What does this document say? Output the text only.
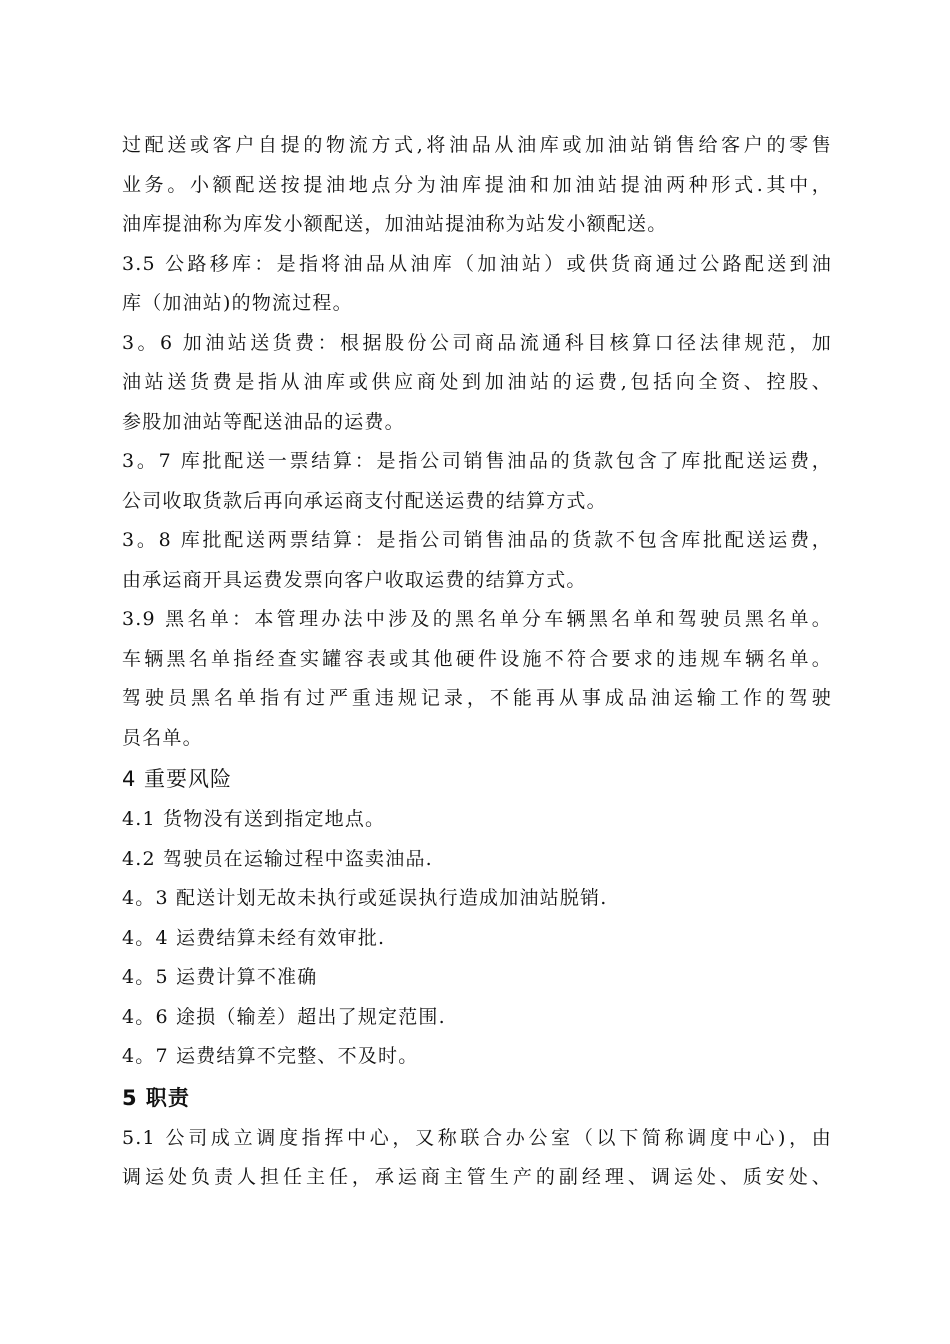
过配送或客户自提的物流方式,将油品从油库或加油站销售给客户的零售
业务。小额配送按提油地点分为油库提油和加油站提油两种形式.其中，
油库提油称为库发小额配送，加油站提油称为站发小额配送。
3.5 公路移库：是指将油品从油库（加油站）或供货商通过公路配送到油
库（加油站)的物流过程。
3。6 加油站送货费：根据股份公司商品流通科目核算口径法律规范，加
油站送货费是指从油库或供应商处到加油站的运费,包括向全资、控股、
参股加油站等配送油品的运费。
3。7 库批配送一票结算：是指公司销售油品的货款包含了库批配送运费，
公司收取货款后再向承运商支付配送运费的结算方式。
3。8 库批配送两票结算：是指公司销售油品的货款不包含库批配送运费，
由承运商开具运费发票向客户收取运费的结算方式。
3.9 黑名单：本管理办法中涉及的黑名单分车辆黑名单和驾驶员黑名单。
车辆黑名单指经查实罐容表或其他硬件设施不符合要求的违规车辆名单。
驾驶员黑名单指有过严重违规记录，不能再从事成品油运输工作的驾驶
员名单。
4 重要风险
4.1 货物没有送到指定地点。
4.2 驾驶员在运输过程中盗卖油品.
4。3 配送计划无故未执行或延误执行造成加油站脱销.
4。4 运费结算未经有效审批.
4。5 运费计算不准确
4。6 途损（输差）超出了规定范围.
4。7 运费结算不完整、不及时。
5 职责
5.1 公司成立调度指挥中心，又称联合办公室（以下简称调度中心)，由
调运处负责人担任主任，承运商主管生产的副经理、调运处、质安处、
